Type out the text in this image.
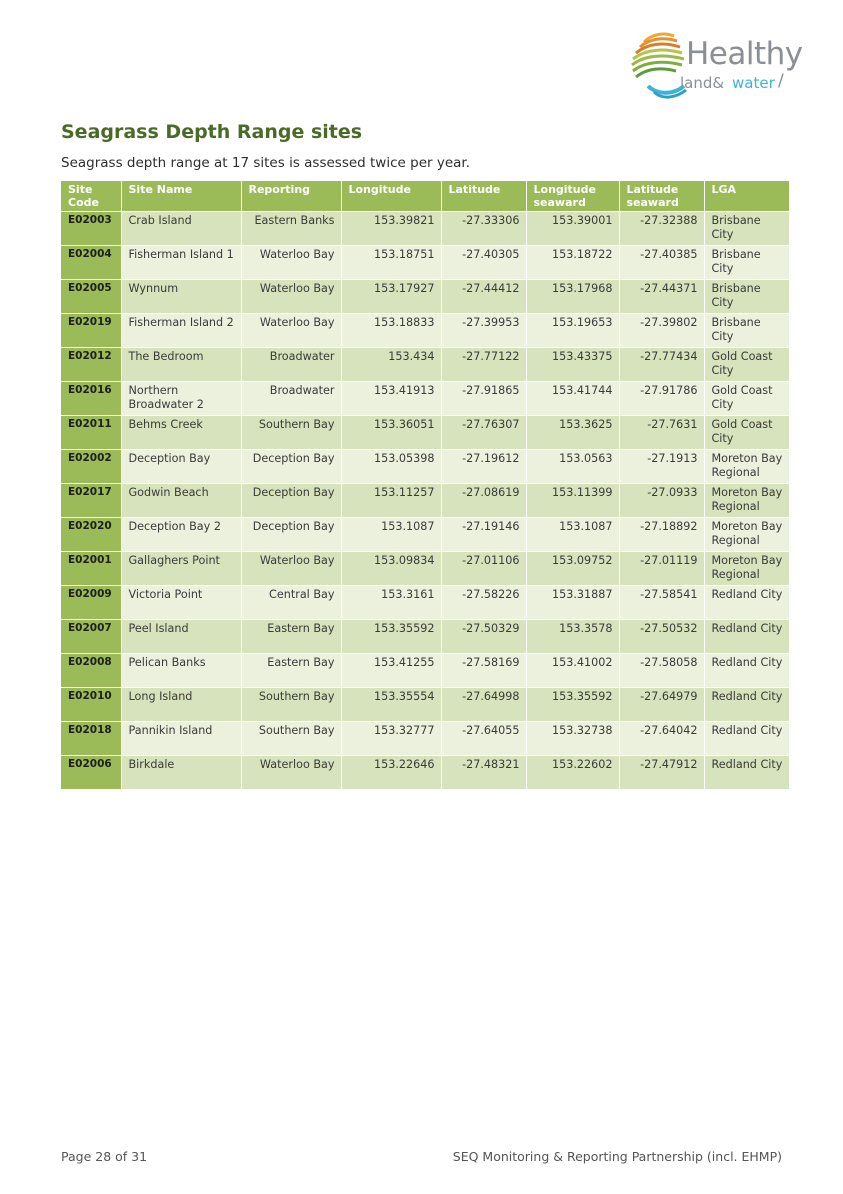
Healthy
land& water /
Seagrass Depth Range sites

Seagrass depth range at 17 sites is assessed twice per year.

Site Code	Site Name	Reporting	Longitude	Latitude	Longitude seaward	Latitude seaward	LGA
E02003	Crab Island	Eastern Banks	153.39821	-27.33306	153.39001	-27.32388	Brisbane City
E02004	Fisherman Island 1	Waterloo Bay	153.18751	-27.40305	153.18722	-27.40385	Brisbane City
E02005	Wynnum	Waterloo Bay	153.17927	-27.44412	153.17968	-27.44371	Brisbane City
E02019	Fisherman Island 2	Waterloo Bay	153.18833	-27.39953	153.19653	-27.39802	Brisbane City
E02012	The Bedroom	Broadwater	153.434	-27.77122	153.43375	-27.77434	Gold Coast City
E02016	Northern Broadwater 2	Broadwater	153.41913	-27.91865	153.41744	-27.91786	Gold Coast City
E02011	Behms Creek	Southern Bay	153.36051	-27.76307	153.3625	-27.7631	Gold Coast City
E02002	Deception Bay	Deception Bay	153.05398	-27.19612	153.0563	-27.1913	Moreton Bay Regional
E02017	Godwin Beach	Deception Bay	153.11257	-27.08619	153.11399	-27.0933	Moreton Bay Regional
E02020	Deception Bay 2	Deception Bay	153.1087	-27.19146	153.1087	-27.18892	Moreton Bay Regional
E02001	Gallaghers Point	Waterloo Bay	153.09834	-27.01106	153.09752	-27.01119	Moreton Bay Regional
E02009	Victoria Point	Central Bay	153.3161	-27.58226	153.31887	-27.58541	Redland City
E02007	Peel Island	Eastern Bay	153.35592	-27.50329	153.3578	-27.50532	Redland City
E02008	Pelican Banks	Eastern Bay	153.41255	-27.58169	153.41002	-27.58058	Redland City
E02010	Long Island	Southern Bay	153.35554	-27.64998	153.35592	-27.64979	Redland City
E02018	Pannikin Island	Southern Bay	153.32777	-27.64055	153.32738	-27.64042	Redland City
E02006	Birkdale	Waterloo Bay	153.22646	-27.48321	153.22602	-27.47912	Redland City
Page 28 of 31	SEQ Monitoring & Reporting Partnership (incl. EHMP)
